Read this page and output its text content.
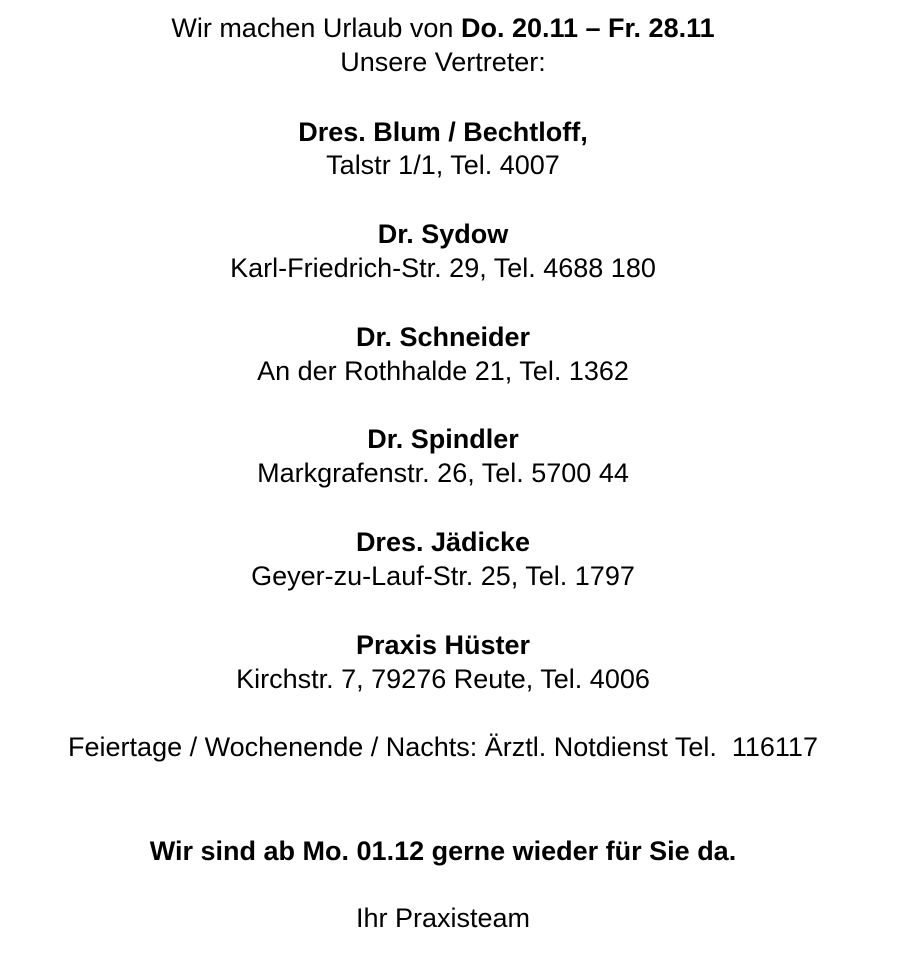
Wir machen Urlaub von Do. 20.11 – Fr. 28.11
Unsere Vertreter:
Dres. Blum / Bechtloff,
Talstr 1/1, Tel. 4007
Dr. Sydow
Karl-Friedrich-Str. 29, Tel. 4688 180
Dr. Schneider
An der Rothhalde 21, Tel. 1362
Dr. Spindler
Markgrafenstr. 26, Tel. 5700 44
Dres. Jädicke
Geyer-zu-Lauf-Str. 25, Tel. 1797
Praxis Hüster
Kirchstr. 7, 79276 Reute, Tel. 4006
Feiertage / Wochenende / Nachts: Ärztl. Notdienst Tel.  116117
Wir sind ab Mo. 01.12 gerne wieder für Sie da.
Ihr Praxisteam
